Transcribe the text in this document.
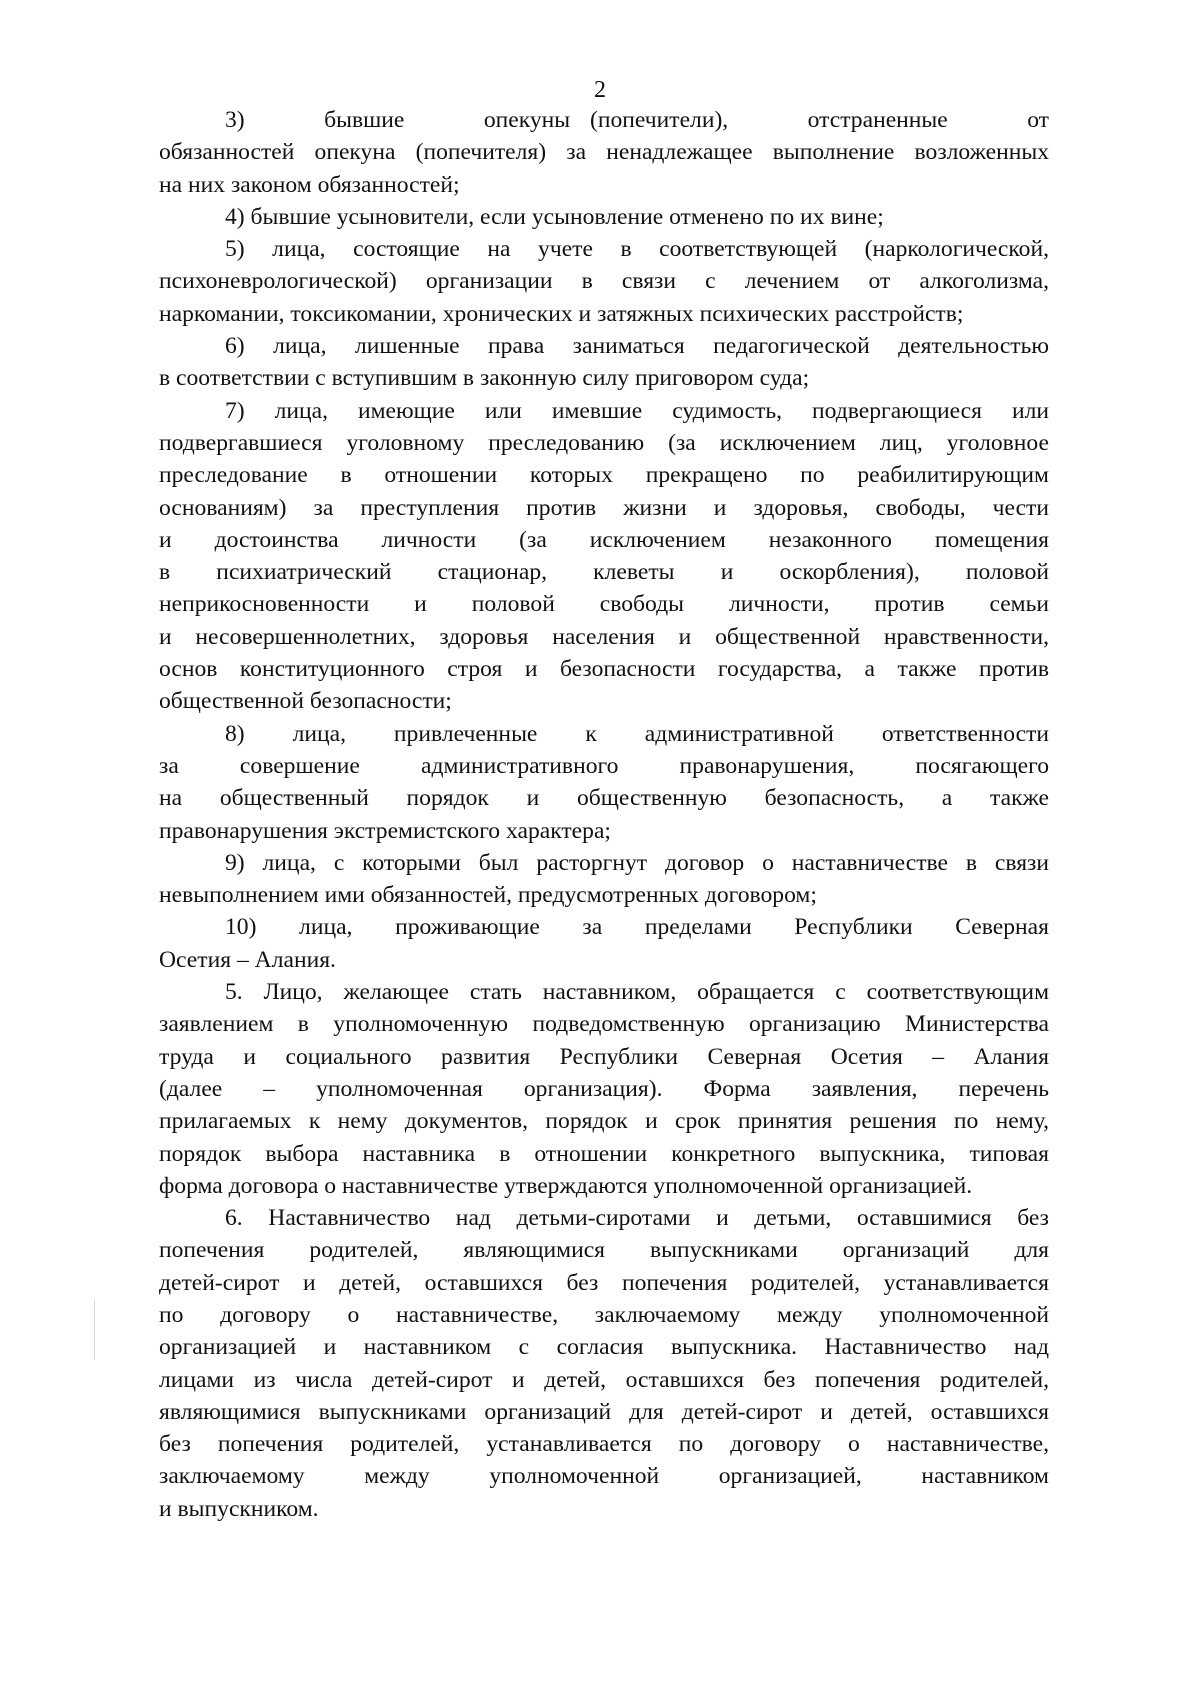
2
3)    бывшие    опекуны (попечители),    отстраненные    от
обязанностей опекуна (попечителя) за ненадлежащее выполнение возложенных
на них законом обязанностей;
4) бывшие усыновители, если усыновление отменено по их вине;
5) лица, состоящие на учете в соответствующей (наркологической,
психоневрологической) организации в связи с лечением от алкоголизма,
наркомании, токсикомании, хронических и затяжных психических расстройств;
6) лица, лишенные права заниматься педагогической деятельностью
в соответствии с вступившим в законную силу приговором суда;
7) лица, имеющие или имевшие судимость, подвергающиеся или
подвергавшиеся уголовному преследованию (за исключением лиц, уголовное
преследование в отношении которых прекращено по реабилитирующим
основаниям) за преступления против жизни и здоровья, свободы, чести
и достоинства личности (за исключением незаконного помещения
в психиатрический стационар, клеветы и оскорбления), половой
неприкосновенности и половой свободы личности, против семьи
и несовершеннолетних, здоровья населения и общественной нравственности,
основ конституционного строя и безопасности государства, а также против
общественной безопасности;
8) лица, привлеченные к административной ответственности
за совершение административного правонарушения, посягающего
на общественный порядок и общественную безопасность, а также
правонарушения экстремистского характера;
9) лица, с которыми был расторгнут договор о наставничестве в связи
невыполнением ими обязанностей, предусмотренных договором;
10) лица, проживающие за пределами Республики Северная
Осетия – Алания.
5. Лицо, желающее стать наставником, обращается с соответствующим
заявлением в уполномоченную подведомственную организацию Министерства
труда и социального развития Республики Северная Осетия – Алания
(далее – уполномоченная организация). Форма заявления, перечень
прилагаемых к нему документов, порядок и срок принятия решения по нему,
порядок выбора наставника в отношении конкретного выпускника, типовая
форма договора о наставничестве утверждаются уполномоченной организацией.
6. Наставничество над детьми-сиротами и детьми, оставшимися без
попечения родителей, являющимися выпускниками организаций для
детей-сирот и детей, оставшихся без попечения родителей, устанавливается
по договору о наставничестве, заключаемому между уполномоченной
организацией и наставником с согласия выпускника. Наставничество над
лицами из числа детей-сирот и детей, оставшихся без попечения родителей,
являющимися выпускниками организаций для детей-сирот и детей, оставшихся
без попечения родителей, устанавливается по договору о наставничестве,
заключаемому между уполномоченной организацией, наставником
и выпускником.
